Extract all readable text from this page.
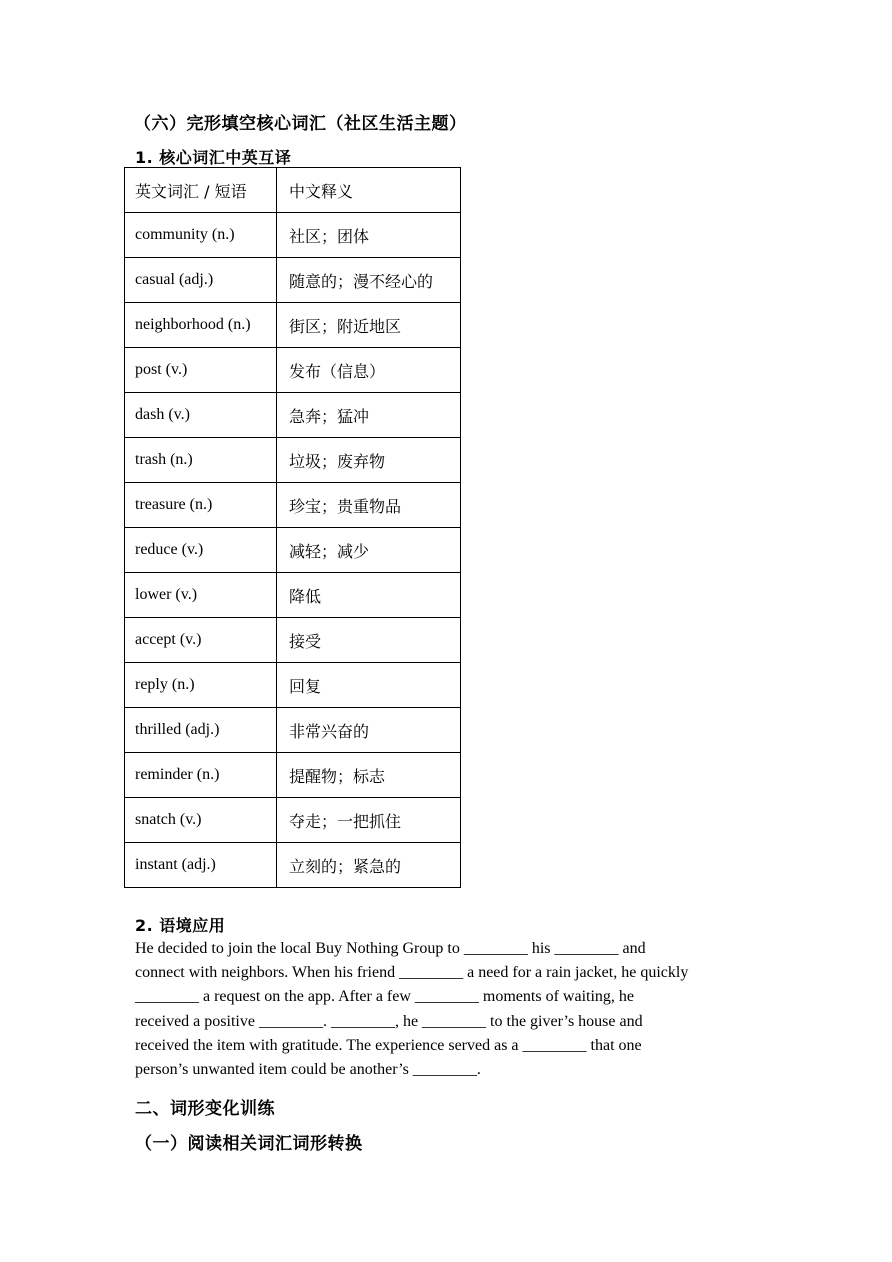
（六）完形填空核心词汇（社区生活主题）
1. 核心词汇中英互译
英文词汇 / 短语	中文释义
community (n.)	社区；团体
casual (adj.)	随意的；漫不经心的
neighborhood (n.)	街区；附近地区
post (v.)	发布（信息）
dash (v.)	急奔；猛冲
trash (n.)	垃圾；废弃物
treasure (n.)	珍宝；贵重物品
reduce (v.)	减轻；减少
lower (v.)	降低
accept (v.)	接受
reply (n.)	回复
thrilled (adj.)	非常兴奋的
reminder (n.)	提醒物；标志
snatch (v.)	夺走；一把抓住
instant (adj.)	立刻的；紧急的
2. 语境应用
He decided to join the local Buy Nothing Group to ________ his ________ and
connect with neighbors. When his friend ________ a need for a rain jacket, he quickly
________ a request on the app. After a few ________ moments of waiting, he
received a positive ________. ________, he ________ to the giver’s house and
received the item with gratitude. The experience served as a ________ that one
person’s unwanted item could be another’s ________.
二、词形变化训练
（一）阅读相关词汇词形转换
